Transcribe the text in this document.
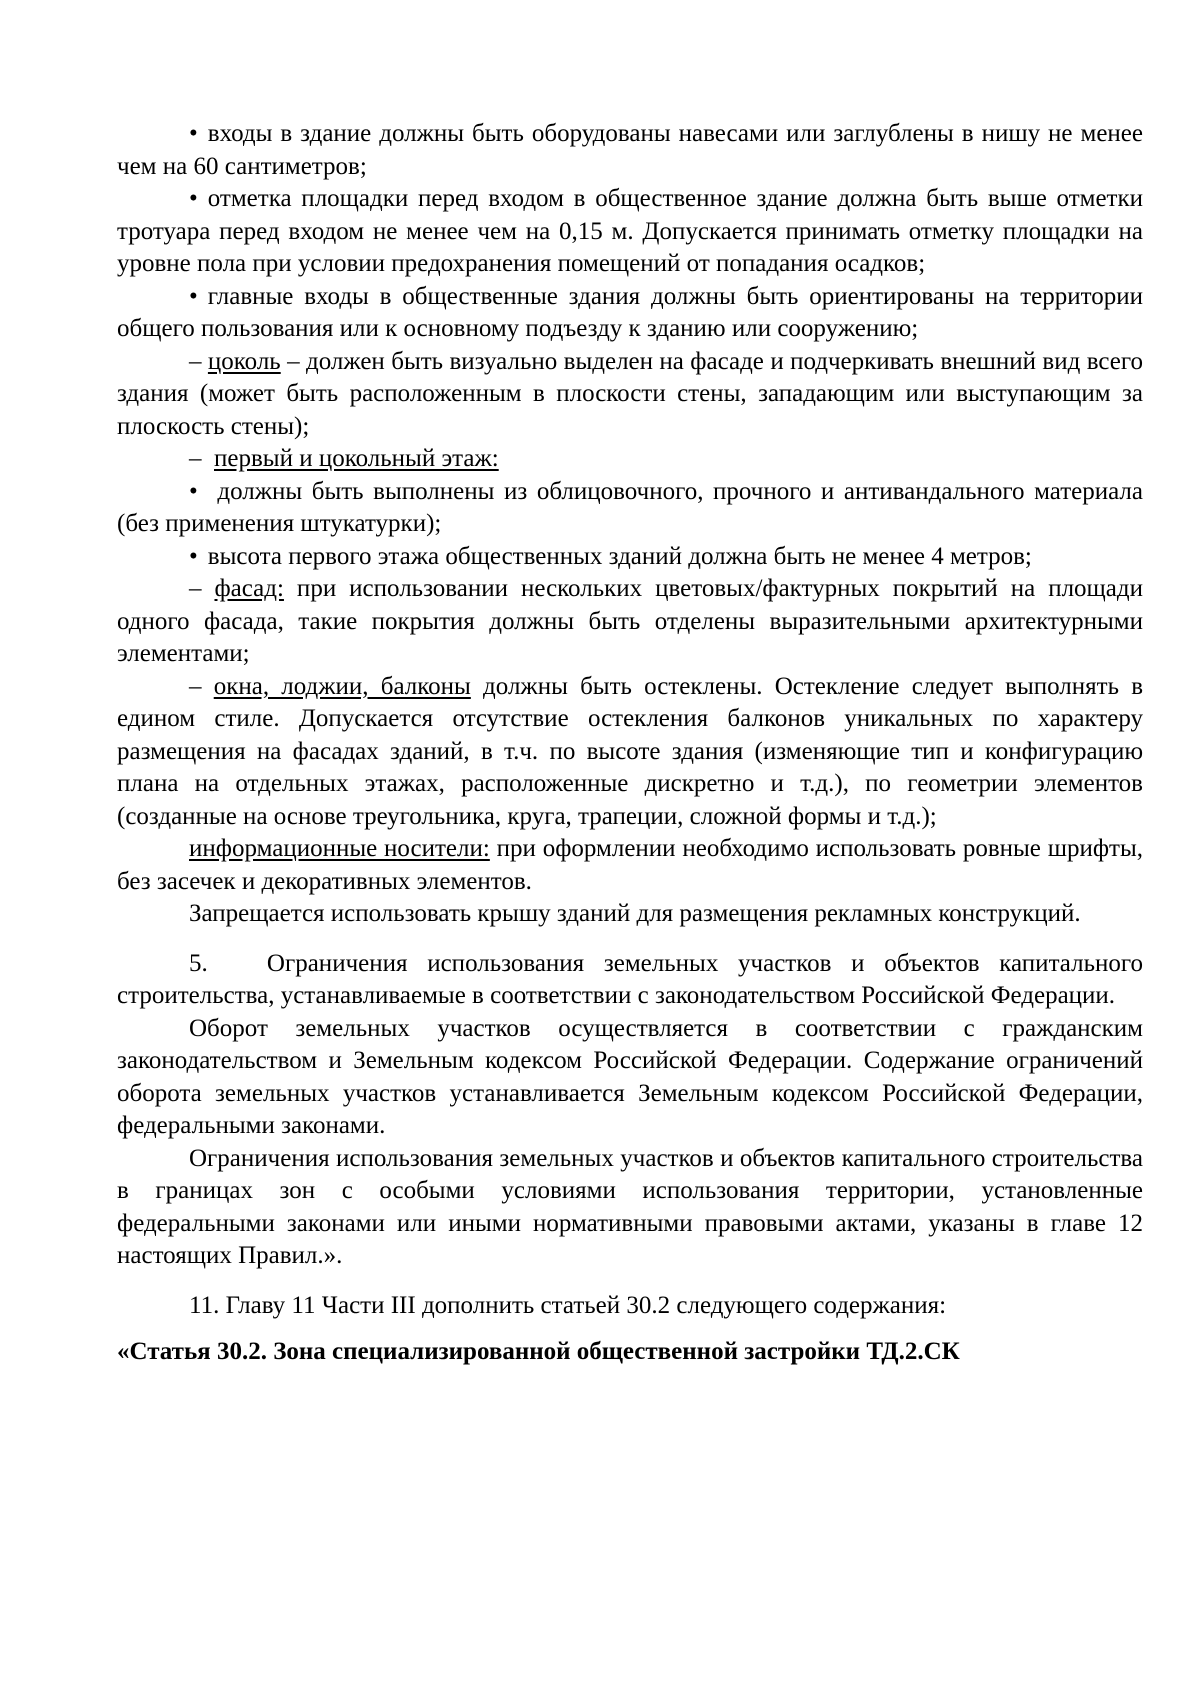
• входы в здание должны быть оборудованы навесами или заглублены в нишу не менее чем на 60 сантиметров;

• отметка площадки перед входом в общественное здание должна быть выше отметки тротуара перед входом не менее чем на 0,15 м. Допускается принимать отметку площадки на уровне пола при условии предохранения помещений от попадания осадков;

• главные входы в общественные здания должны быть ориентированы на территории общего пользования или к основному подъезду к зданию или сооружению;

– цоколь – должен быть визуально выделен на фасаде и подчеркивать внешний вид всего здания (может быть расположенным в плоскости стены, западающим или выступающим за плоскость стены);

– первый и цокольный этаж:

• должны быть выполнены из облицовочного, прочного и антивандального материала (без применения штукатурки);

• высота первого этажа общественных зданий должна быть не менее 4 метров;

– фасад: при использовании нескольких цветовых/фактурных покрытий на площади одного фасада, такие покрытия должны быть отделены выразительными архитектурными элементами;

– окна, лоджии, балконы должны быть остеклены. Остекление следует выполнять в едином стиле. Допускается отсутствие остекления балконов уникальных по характеру размещения на фасадах зданий, в т.ч. по высоте здания (изменяющие тип и конфигурацию плана на отдельных этажах, расположенные дискретно и т.д.), по геометрии элементов (созданные на основе треугольника, круга, трапеции, сложной формы и т.д.);

информационные носители: при оформлении необходимо использовать ровные шрифты, без засечек и декоративных элементов.

Запрещается использовать крышу зданий для размещения рекламных конструкций.

5. Ограничения использования земельных участков и объектов капитального строительства, устанавливаемые в соответствии с законодательством Российской Федерации.

Оборот земельных участков осуществляется в соответствии с гражданским законодательством и Земельным кодексом Российской Федерации. Содержание ограничений оборота земельных участков устанавливается Земельным кодексом Российской Федерации, федеральными законами.

Ограничения использования земельных участков и объектов капитального строительства в границах зон с особыми условиями использования территории, установленные федеральными законами или иными нормативными правовыми актами, указаны в главе 12 настоящих Правил.».

11. Главу 11 Части III дополнить статьей 30.2 следующего содержания:

«Статья 30.2. Зона специализированной общественной застройки ТД.2.СК
